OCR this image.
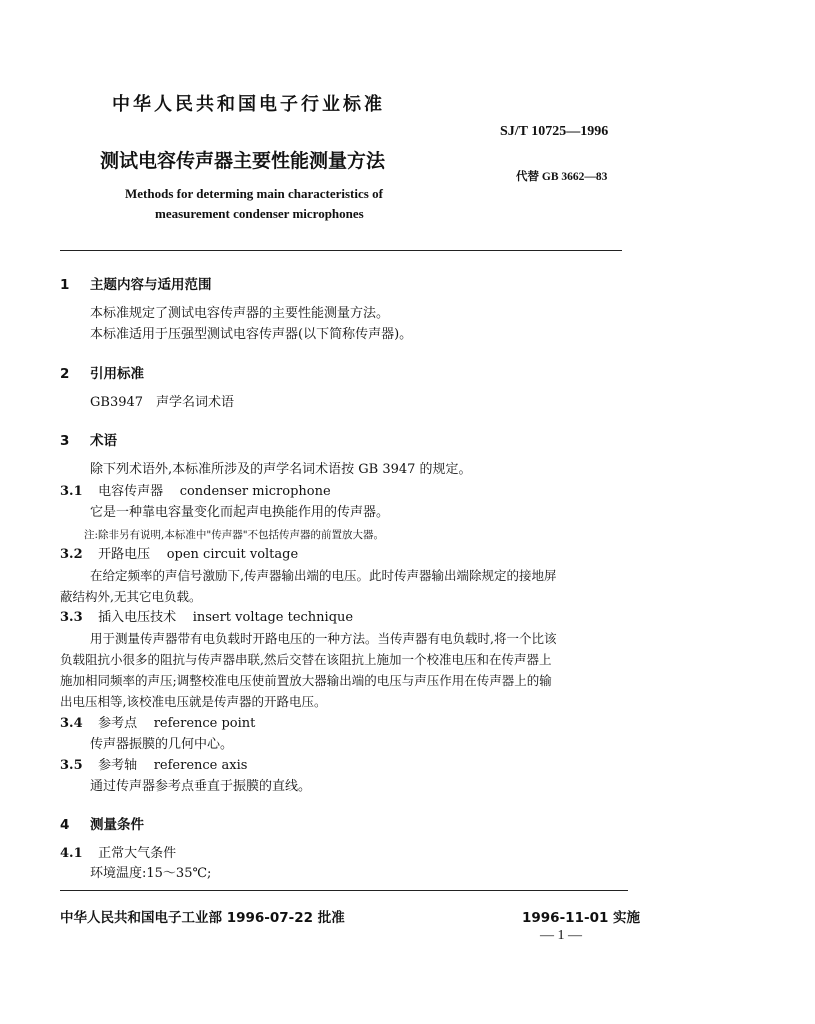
中华人民共和国电子行业标准
SJ/T 10725—1996
测试电容传声器主要性能测量方法
代替 GB 3662—83
Methods for determing main characteristics of
measurement condenser microphones
1 主题内容与适用范围
本标准规定了测试电容传声器的主要性能测量方法。
本标准适用于压强型测试电容传声器(以下简称传声器)。
2 引用标准
GB3947　声学名词术语
3 术语
除下列术语外,本标准所涉及的声学名词术语按 GB 3947 的规定。
3.1 电容传声器 condenser microphone
它是一种靠电容量变化而起声电换能作用的传声器。
注:除非另有说明,本标准中"传声器"不包括传声器的前置放大器。
3.2 开路电压 open circuit voltage
在给定频率的声信号激励下,传声器输出端的电压。此时传声器输出端除规定的接地屏
蔽结构外,无其它电负载。
3.3 插入电压技术 insert voltage technique
用于测量传声器带有电负载时开路电压的一种方法。当传声器有电负载时,将一个比该
负载阻抗小很多的阻抗与传声器串联,然后交替在该阻抗上施加一个校准电压和在传声器上
施加相同频率的声压;调整校准电压使前置放大器输出端的电压与声压作用在传声器上的输
出电压相等,该校准电压就是传声器的开路电压。
3.4 参考点 reference point
传声器振膜的几何中心。
3.5 参考轴 reference axis
通过传声器参考点垂直于振膜的直线。
4 测量条件
4.1 正常大气条件
环境温度:15～35℃;
中华人民共和国电子工业部 1996-07-22 批准	1996-11-01 实施
— 1 —
